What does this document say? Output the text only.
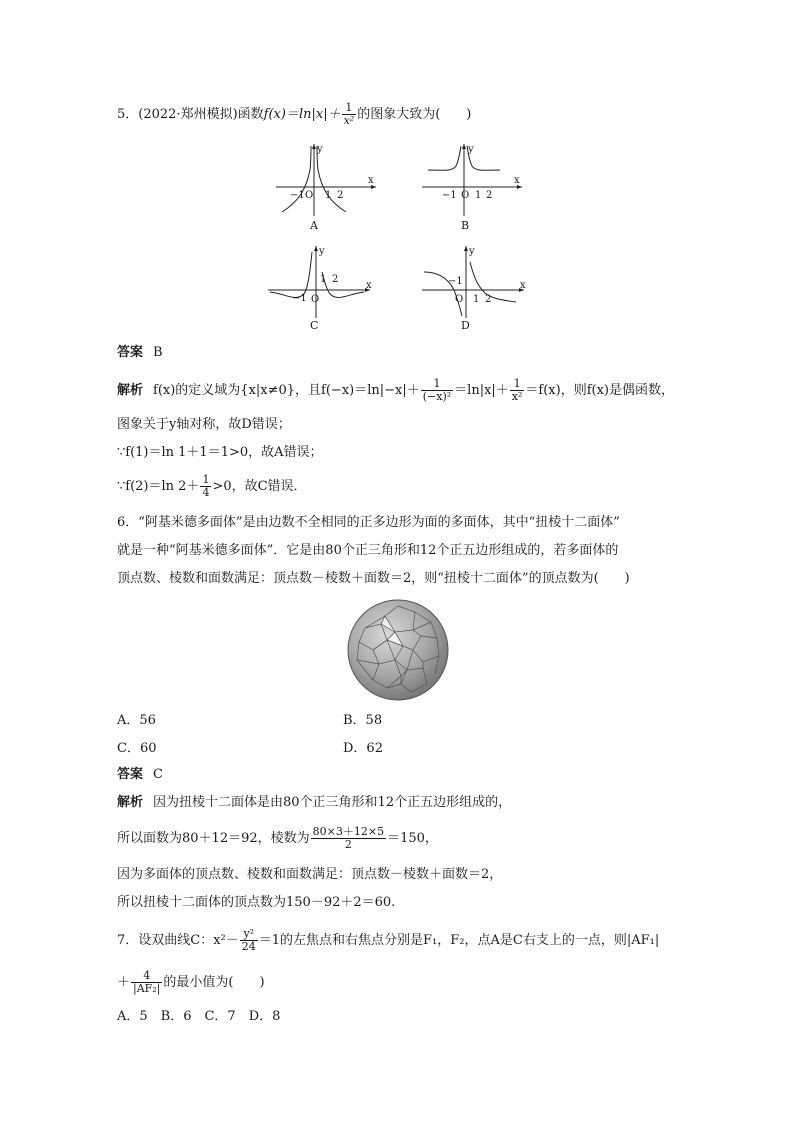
5．(2022·郑州模拟)函数$f(x)=\ln|x|+ \frac{1}{\text{x²}}$ 的图象大致为(　　)
y
x
−1 O 1 2
A
y
x
−1 O 1 2
B
y
x
−1 O
1 2
C
y
x
−1
O 1 2
D
答案 B
解析 f(x)的定义域为{x|x≠0}，且$f(-x)=\ln|-x|+ \frac{1}{\text{(−x)²}} =\ln|x|+ \frac{1}{\text{x²}} =f(x)$，则f(x)是偶函数，
图象关于y轴对称，故D错误；
∵f(1)＝ln 1＋1＝1>0，故A错误；
∵f(2)＝ln $2+ \frac{1}{4} >0$，故C错误．
6．“阿基米德多面体”是由边数不全相同的正多边形为面的多面体，其中“扭棱十二面体”
就是一种“阿基米德多面体”．它是由80个正三角形和12个正五边形组成的，若多面体的
顶点数、棱数和面数满足：顶点数－棱数＋面数＝2，则“扭棱十二面体”的顶点数为(　　)
A．56	B．58
C．60	D．62
答案 C
解析 因为扭棱十二面体是由80个正三角形和12个正五边形组成的，
所以面数为80＋12＝92，棱数为 $\frac{80\times 3+12\times 5}{2} =150$，
因为多面体的顶点数、棱数和面数满足：顶点数－棱数＋面数＝2，
所以扭棱十二面体的顶点数为150－92＋2＝60.
7．设双曲线C：$x^2- \frac{\text{y²}}{24} =1$的左焦点和右焦点分别是F₁，F₂，点A是C右支上的一点，则|AF₁|
＋ $\frac{4}{\text{|AF₂|}}$ 的最小值为(　　)
A．5　B．6　C．7　D．8
